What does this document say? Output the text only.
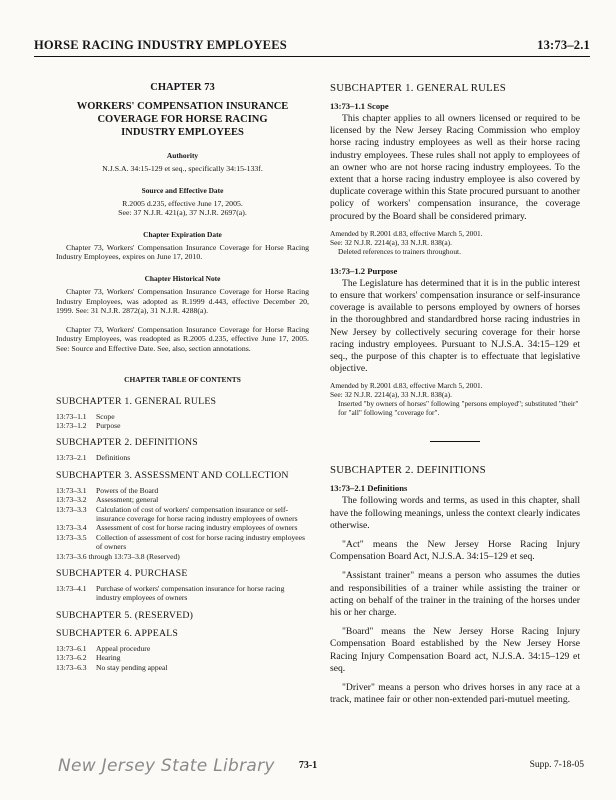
HORSE RACING INDUSTRY EMPLOYEES	13:73–2.1
CHAPTER 73
WORKERS' COMPENSATION INSURANCE
COVERAGE FOR HORSE RACING
INDUSTRY EMPLOYEES
Authority

N.J.S.A. 34:15-129 et seq., specifically 34:15-133f.

Source and Effective Date

R.2005 d.235, effective June 17, 2005.

See: 37 N.J.R. 421(a), 37 N.J.R. 2697(a).

Chapter Expiration Date

Chapter 73, Workers' Compensation Insurance Coverage for Horse Racing Industry Employees, expires on June 17, 2010.

Chapter Historical Note

Chapter 73, Workers' Compensation Insurance Coverage for Horse Racing Industry Employees, was adopted as R.1999 d.443, effective December 20, 1999. See: 31 N.J.R. 2872(a), 31 N.J.R. 4288(a).

Chapter 73, Workers' Compensation Insurance Coverage for Horse Racing Industry Employees, was readopted as R.2005 d.235, effective June 17, 2005. See: Source and Effective Date. See, also, section annotations.

CHAPTER TABLE OF CONTENTS
SUBCHAPTER 1. GENERAL RULES
13:73–1.1	Scope
13:73–1.2	Purpose
SUBCHAPTER 2. DEFINITIONS
13:73–2.1	Definitions
SUBCHAPTER 3. ASSESSMENT AND COLLECTION
13:73–3.1	Powers of the Board
13:73–3.2	Assessment; general
13:73–3.3	Calculation of cost of workers' compensation insurance or self-insurance coverage for horse racing industry employees of owners
13:73–3.4	Assessment of cost for horse racing industry employees of owners
13:73–3.5	Collection of assessment of cost for horse racing industry employees of owners
13:73–3.6 through 13:73–3.8 (Reserved)
SUBCHAPTER 4. PURCHASE
13:73–4.1	Purchase of workers' compensation insurance for horse racing industry employees of owners
SUBCHAPTER 5. (RESERVED)
SUBCHAPTER 6. APPEALS
13:73–6.1	Appeal procedure
13:73–6.2	Hearing
13:73–6.3	No stay pending appeal
SUBCHAPTER 1. GENERAL RULES
13:73–1.1 Scope

This chapter applies to all owners licensed or required to be licensed by the New Jersey Racing Commission who employ horse racing industry employees as well as their horse racing industry employees. These rules shall not apply to employees of an owner who are not horse racing industry employees. To the extent that a horse racing industry employee is also covered by duplicate coverage within this State procured pursuant to another policy of workers' compensation insurance, the coverage procured by the Board shall be considered primary.

Amended by R.2001 d.83, effective March 5, 2001.

See: 32 N.J.R. 2214(a), 33 N.J.R. 838(a).

Deleted references to trainers throughout.

13:73–1.2 Purpose

The Legislature has determined that it is in the public interest to ensure that workers' compensation insurance or self-insurance coverage is available to persons employed by owners of horses in the thoroughbred and standardbred horse racing industries in New Jersey by collectively securing coverage for their horse racing industry employees. Pursuant to N.J.S.A. 34:15–129 et seq., the purpose of this chapter is to effectuate that legislative objective.

Amended by R.2001 d.83, effective March 5, 2001.

See: 32 N.J.R. 2214(a), 33 N.J.R. 838(a).

Inserted "by owners of horses" following "persons employed"; substituted "their" for "all" following "coverage for".

SUBCHAPTER 2. DEFINITIONS
13:73–2.1 Definitions

The following words and terms, as used in this chapter, shall have the following meanings, unless the context clearly indicates otherwise.

"Act" means the New Jersey Horse Racing Injury Compensation Board Act, N.J.S.A. 34:15–129 et seq.

"Assistant trainer" means a person who assumes the duties and responsibilities of a trainer while assisting the trainer or acting on behalf of the trainer in the training of the horses under his or her charge.

"Board" means the New Jersey Horse Racing Injury Compensation Board established by the New Jersey Horse Racing Injury Compensation Board act, N.J.S.A. 34:15–129 et seq.

"Driver" means a person who drives horses in any race at a track, matinee fair or other non-extended pari-mutuel meeting.

New Jersey State Library	73-1	Supp. 7-18-05
